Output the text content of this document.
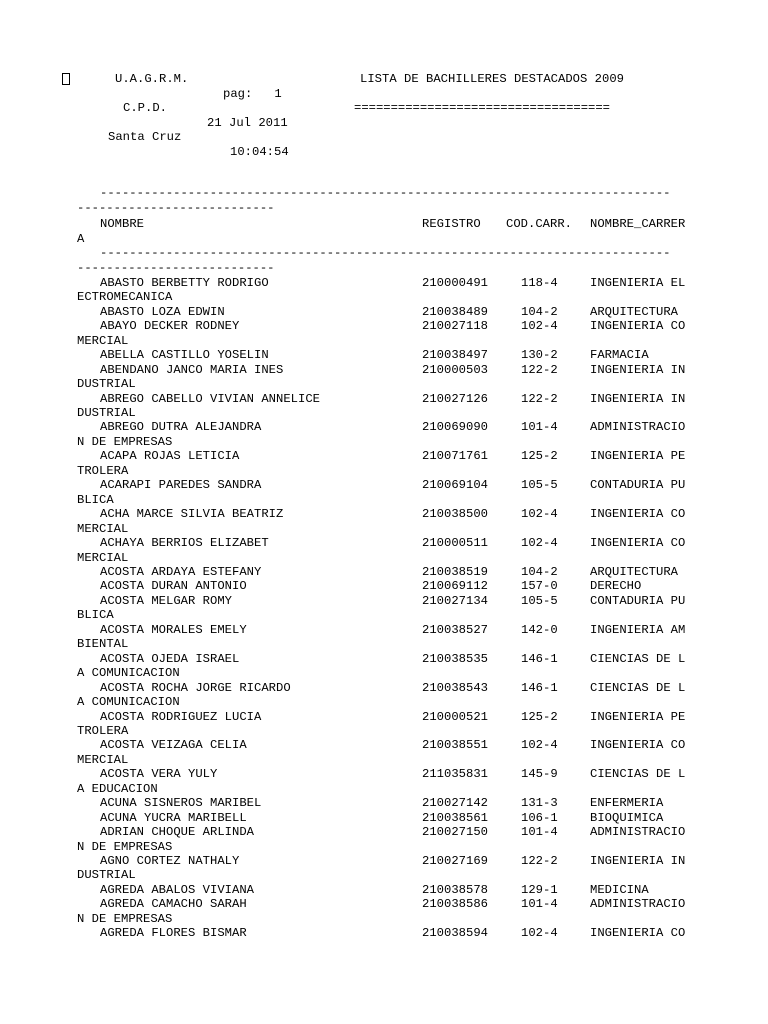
U.A.G.R.M.	LISTA DE BACHILLERES DESTACADOS 2009
pag:   1
C.P.D.	===================================
21 Jul 2011
Santa Cruz
10:04:54
------------------------------------------------------------------------------
---------------------------
NOMBRE	REGISTRO COD.CARR. NOMBRE_CARRER
A
------------------------------------------------------------------------------
---------------------------
ABASTO BERBETTY RODRIGO	210000491	118-4	INGENIERIA EL
ECTROMECANICA
ABASTO LOZA EDWIN	210038489	104-2	ARQUITECTURA
ABAYO DECKER RODNEY	210027118	102-4	INGENIERIA CO
MERCIAL
ABELLA CASTILLO YOSELIN	210038497	130-2	FARMACIA
ABENDANO JANCO MARIA INES	210000503	122-2	INGENIERIA IN
DUSTRIAL
ABREGO CABELLO VIVIAN ANNELICE	210027126	122-2	INGENIERIA IN
DUSTRIAL
ABREGO DUTRA ALEJANDRA	210069090	101-4	ADMINISTRACIO
N DE EMPRESAS
ACAPA ROJAS LETICIA	210071761	125-2	INGENIERIA PE
TROLERA
ACARAPI PAREDES SANDRA	210069104	105-5	CONTADURIA PU
BLICA
ACHA MARCE SILVIA BEATRIZ	210038500	102-4	INGENIERIA CO
MERCIAL
ACHAYA BERRIOS ELIZABET	210000511	102-4	INGENIERIA CO
MERCIAL
ACOSTA ARDAYA ESTEFANY	210038519	104-2	ARQUITECTURA
ACOSTA DURAN ANTONIO	210069112	157-0	DERECHO
ACOSTA MELGAR ROMY	210027134	105-5	CONTADURIA PU
BLICA
ACOSTA MORALES EMELY	210038527	142-0	INGENIERIA AM
BIENTAL
ACOSTA OJEDA ISRAEL	210038535	146-1	CIENCIAS DE L
A COMUNICACION
ACOSTA ROCHA JORGE RICARDO	210038543	146-1	CIENCIAS DE L
A COMUNICACION
ACOSTA RODRIGUEZ LUCIA	210000521	125-2	INGENIERIA PE
TROLERA
ACOSTA VEIZAGA CELIA	210038551	102-4	INGENIERIA CO
MERCIAL
ACOSTA VERA YULY	211035831	145-9	CIENCIAS DE L
A EDUCACION
ACUNA SISNEROS MARIBEL	210027142	131-3	ENFERMERIA
ACUNA YUCRA MARIBELL	210038561	106-1	BIOQUIMICA
ADRIAN CHOQUE ARLINDA	210027150	101-4	ADMINISTRACIO
N DE EMPRESAS
AGNO CORTEZ NATHALY	210027169	122-2	INGENIERIA IN
DUSTRIAL
AGREDA ABALOS VIVIANA	210038578	129-1	MEDICINA
AGREDA CAMACHO SARAH	210038586	101-4	ADMINISTRACIO
N DE EMPRESAS
AGREDA FLORES BISMAR	210038594	102-4	INGENIERIA CO
